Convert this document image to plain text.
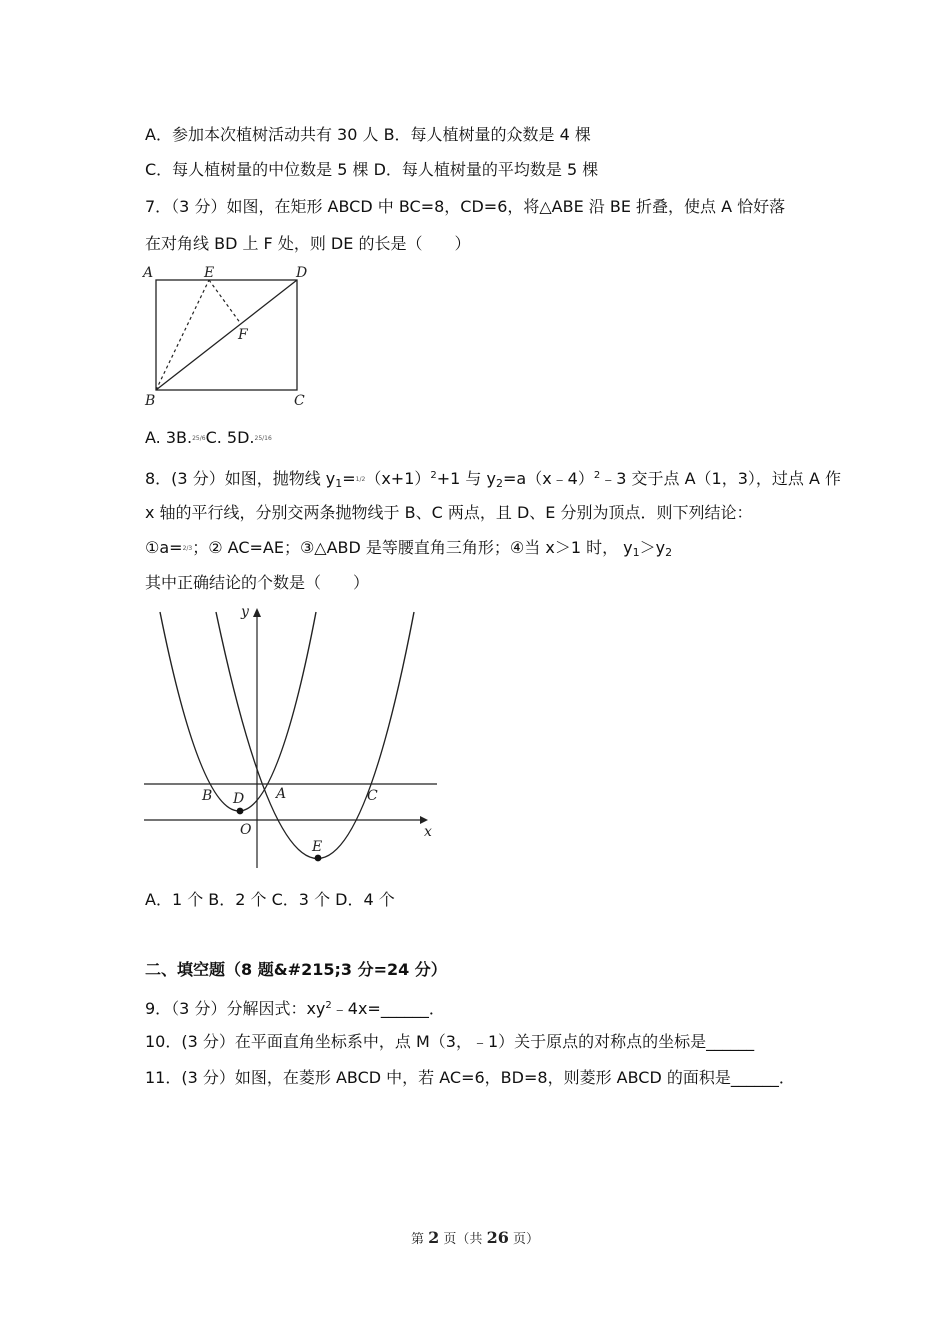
A．参加本次植树活动共有 30 人 B．每人植树量的众数是 4 棵
C．每人植树量的中位数是 5 棵 D．每人植树量的平均数是 5 棵
7．（3 分）如图，在矩形 ABCD 中 BC=8，CD=6，将△ABE 沿 BE 折叠，使点 A 恰好落
在对角线 BD 上 F 处，则 DE 的长是（　　）
A	E	D
F
B	C
A. 3B.25/6C. 5D.25/16
8．(3 分）如图，抛物线 $y_1=1/2(x+1)^2+1$ 与 $y_2=a(x﹣4)^2﹣3$ 交于点 A（1，3），过点 A 作
x 轴的平行线，分别交两条抛物线于 B、C 两点，且 D、E 分别为顶点．则下列结论：
①a=2/3；② AC=AE；③△ABD 是等腰直角三角形；④当 x＞1 时， $y_1>y_2$
其中正确结论的个数是（　　）
y
x
B D A	C
O
E
A．1 个 B．2 个 C．3 个 D．4 个
二、填空题（8 题&#215;3 分=24 分）
9．（3 分）分解因式：$xy^2﹣4x=\_\_\_\_\_\_$．
10．(3 分）在平面直角坐标系中，点 M（3，﹣1）关于原点的对称点的坐标是______
11．(3 分）如图，在菱形 ABCD 中，若 AC=6，BD=8，则菱形 ABCD 的面积是______．
第 2 页（共 26 页）
